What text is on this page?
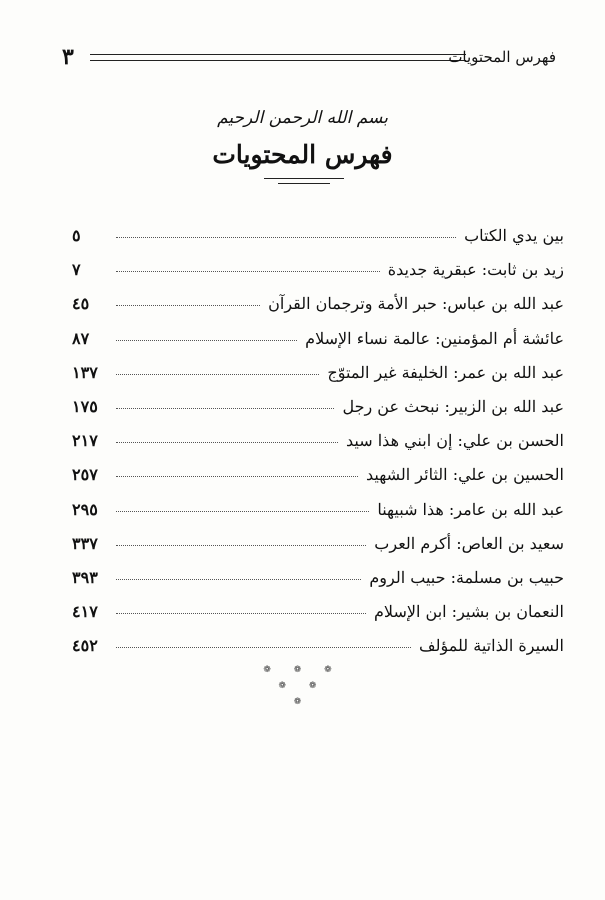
٣	فهرس المحتويات
بسم الله الرحمن الرحيم
فهرس المحتويات
بين يدي الكتاب
٥
زيد بن ثابت: عبقرية جديدة
٧
عبد الله بن عباس: حبر الأمة وترجمان القرآن
٤٥
عائشة أم المؤمنين: عالمة نساء الإسلام
٨٧
عبد الله بن عمر: الخليفة غير المتوّج
١٣٧
عبد الله بن الزبير: نبحث عن رجل
١٧٥
الحسن بن علي: إن ابني هذا سيد
٢١٧
الحسين بن علي: الثائر الشهيد
٢٥٧
عبد الله بن عامر: هذا شبيهنا
٢٩٥
سعيد بن العاص: أكرم العرب
٣٣٧
حبيب بن مسلمة: حبيب الروم
٣٩٣
النعمان بن بشير: ابن الإسلام
٤١٧
السيرة الذاتية للمؤلف
٤٥٢
❁ ❁ ❁
❁ ❁
❁
